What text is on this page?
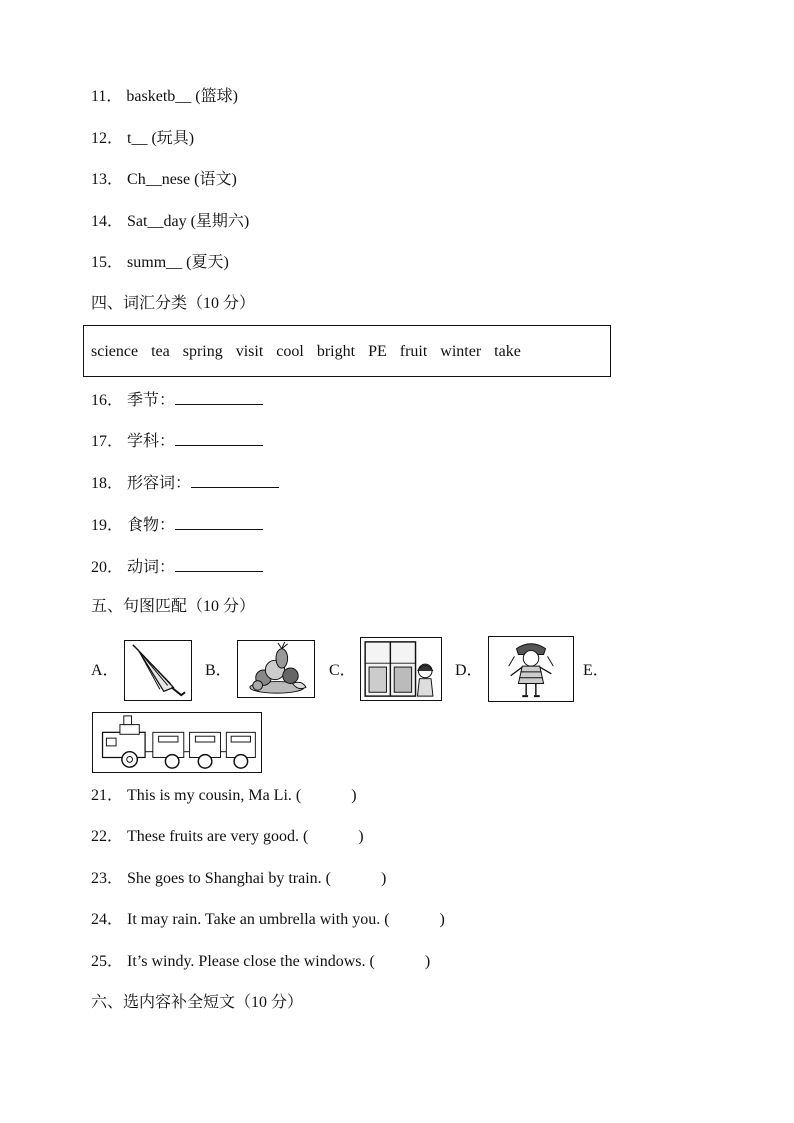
11． basketb__ (篮球)
12． t__ (玩具)
13． Ch__nese (语文)
14． Sat__day (星期六)
15． summ__ (夏天)
四、词汇分类（10 分）
science tea spring visit cool bright PE fruit winter take
16． 季节：
17． 学科：
18． 形容词：
19． 食物：
20． 动词：
五、句图匹配（10 分）
A．	B．	C．	D．	E．
21． This is my cousin, Ma Li. (	)
22． These fruits are very good. (	)
23． She goes to Shanghai by train. (	)
24． It may rain. Take an umbrella with you. (	)
25． It’s windy. Please close the windows. (	)
六、选内容补全短文（10 分）
